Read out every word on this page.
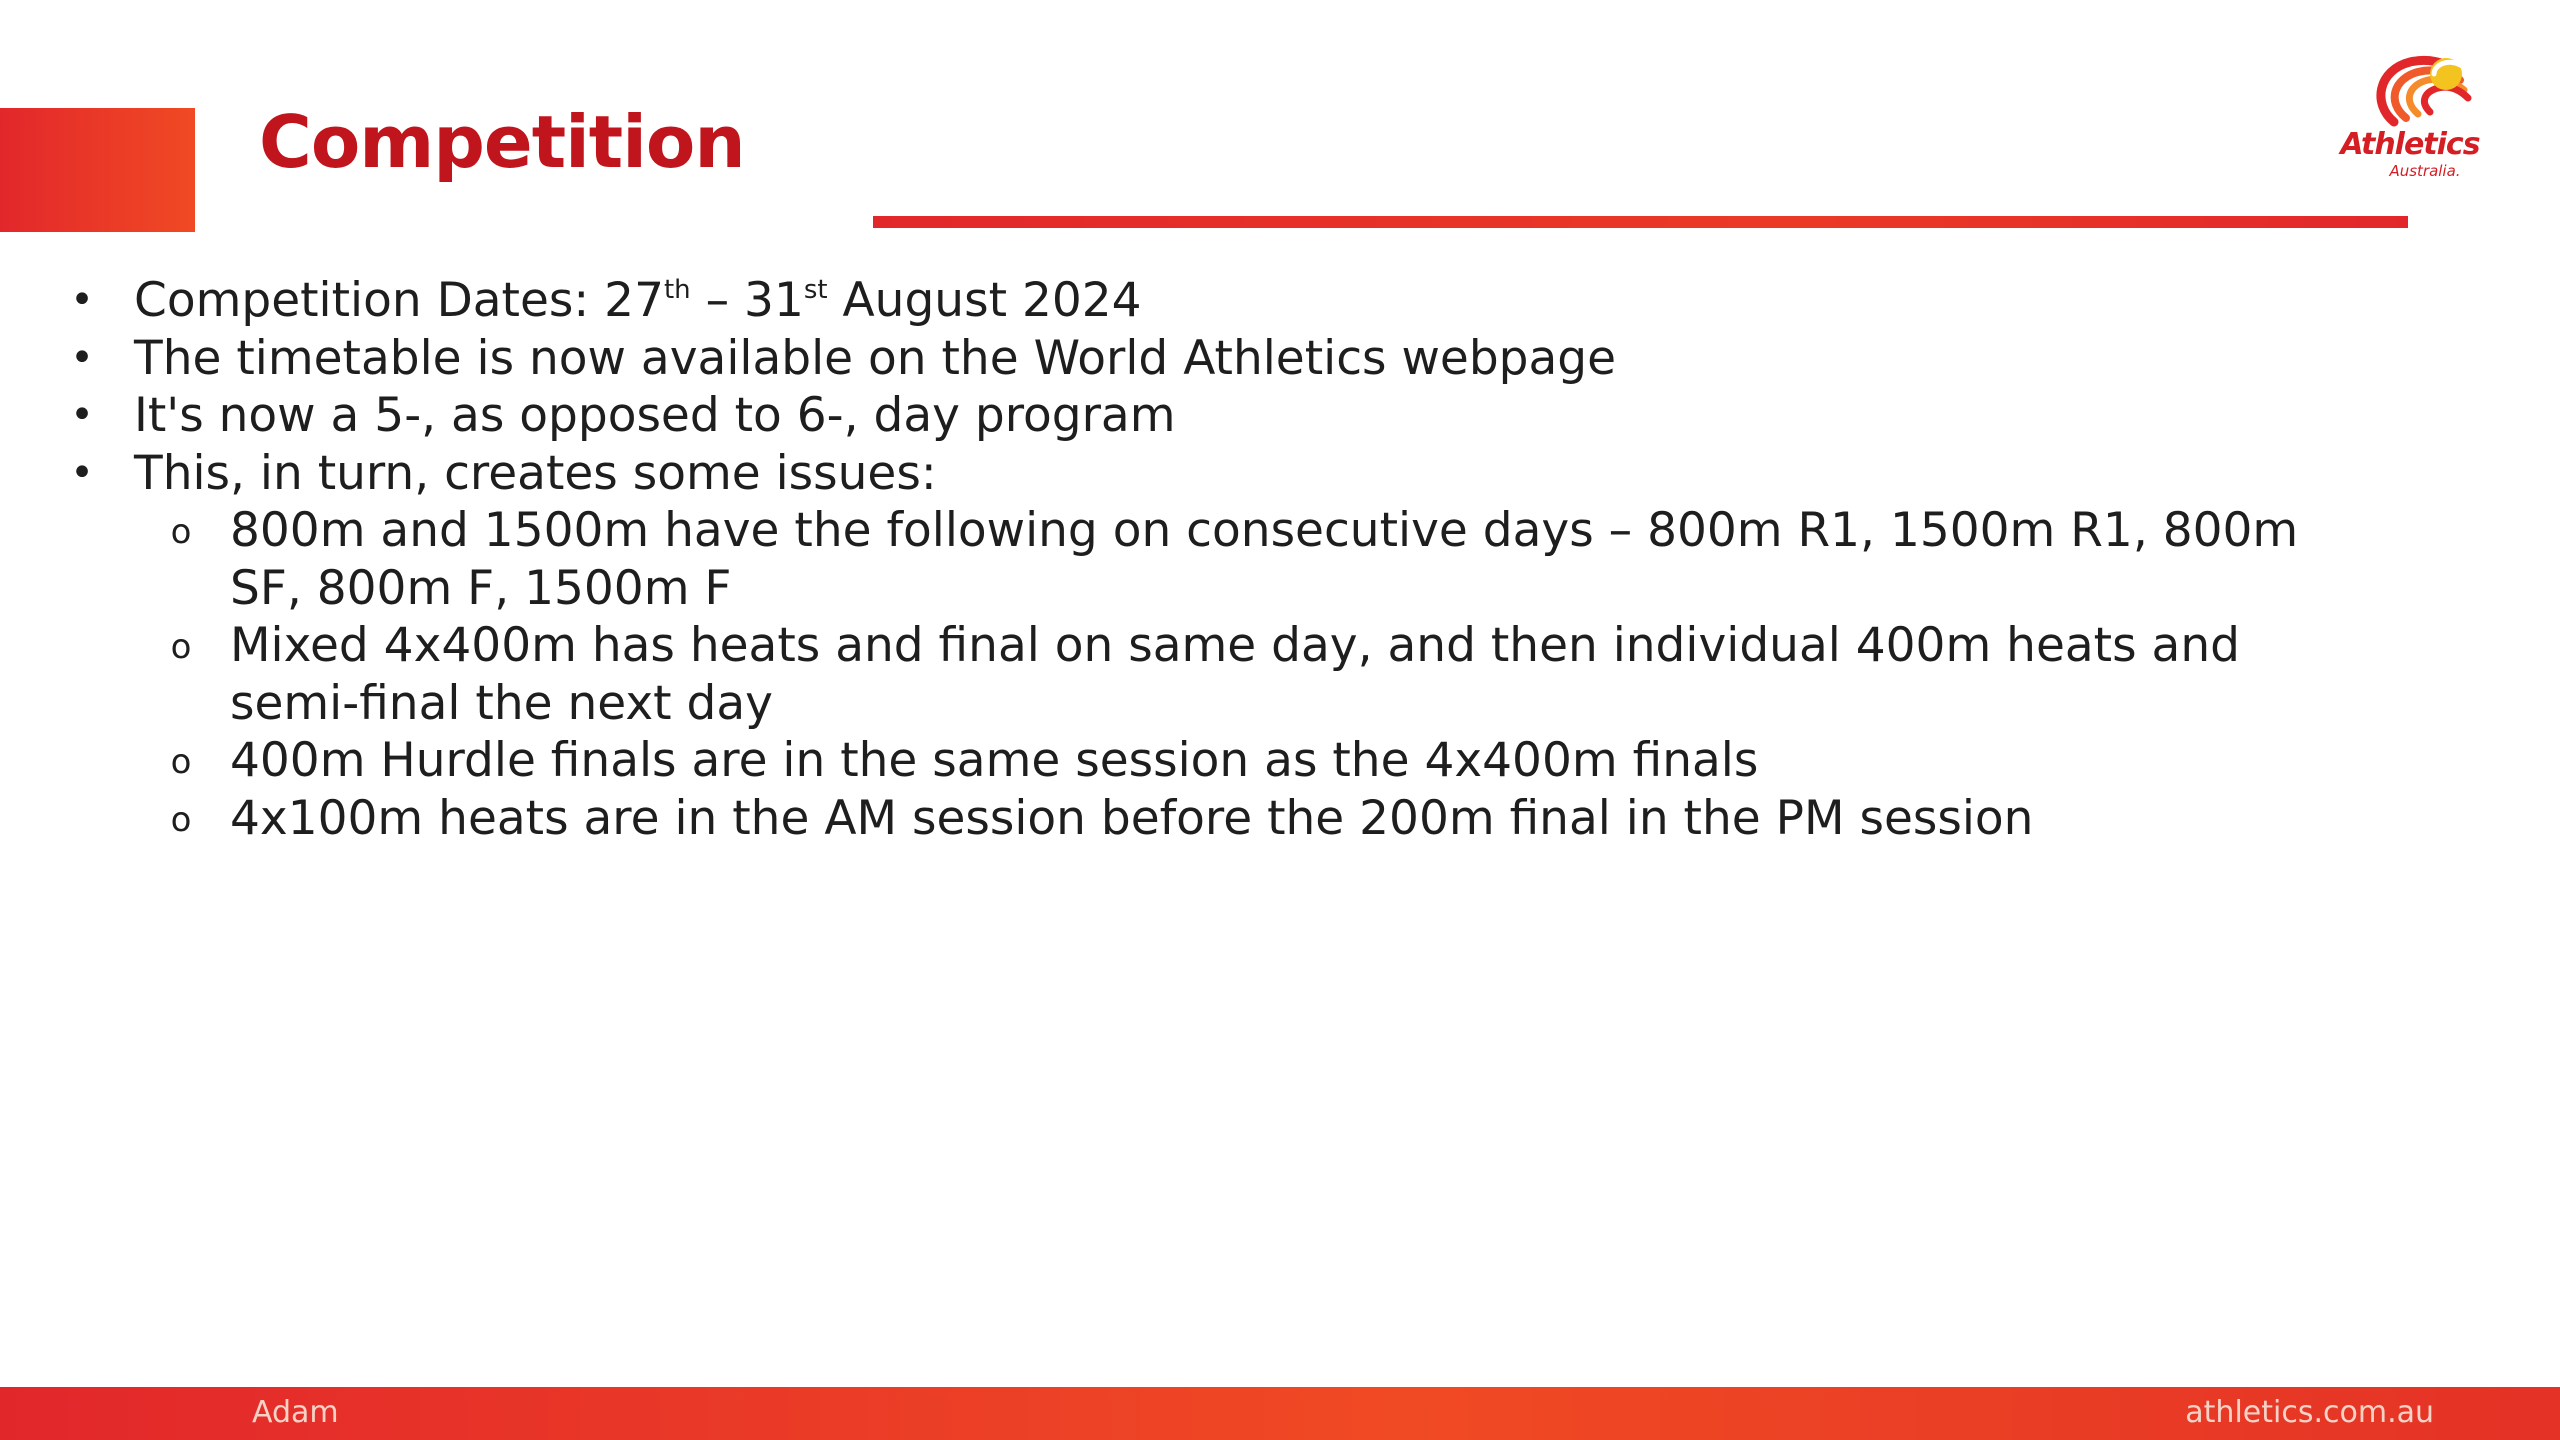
Competition	Athletics
Australia.
• Competition Dates: 27th – 31st August 2024
• The timetable is now available on the World Athletics webpage
• It's now a 5-, as opposed to 6-, day program
• This, in turn, creates some issues:
o 800m and 1500m have the following on consecutive days – 800m R1, 1500m R1, 800m SF, 800m F, 1500m F
o Mixed 4x400m has heats and final on same day, and then individual 400m heats and semi-final the next day
o 400m Hurdle finals are in the same session as the 4x400m finals
o 4x100m heats are in the AM session before the 200m final in the PM session
Adam	athletics.com.au
